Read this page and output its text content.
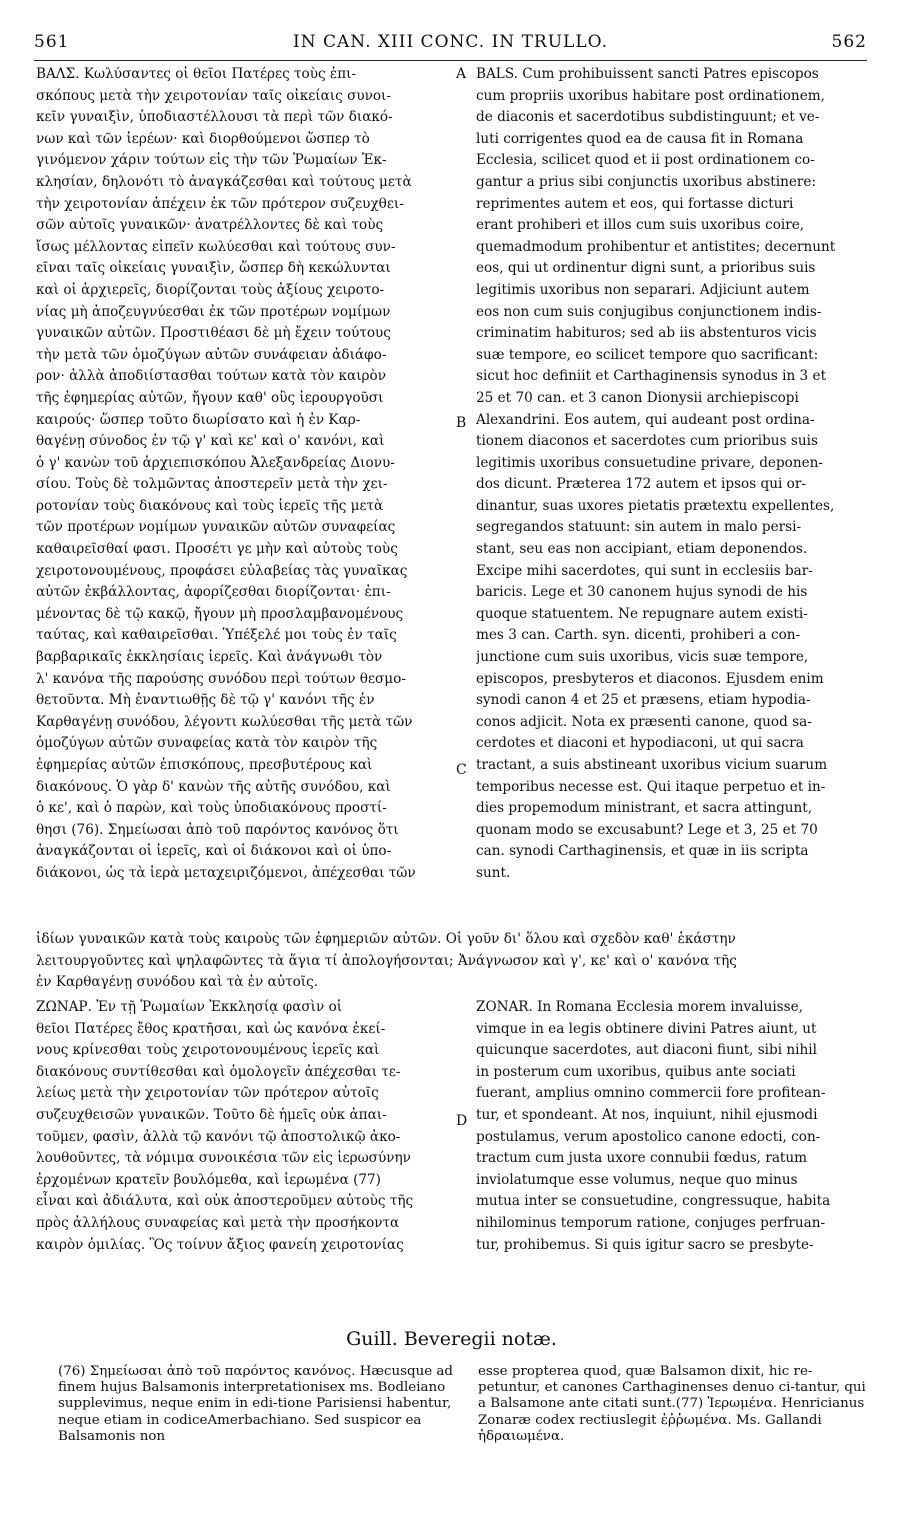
561	IN CAN. XIII CONC. IN TRULLO.	562
ΒΑΛΣ. Κωλύσαντες οἱ θεῖοι Πατέρες τοὺς ἐπι-
σκόπους μετὰ τὴν χειροτονίαν ταῖς οἰκείαις συνοι-
κεῖν γυναιξὶν, ὑποδιαστέλλουσι τὰ περὶ τῶν διακό-
νων καὶ τῶν ἱερέων· καὶ διορθούμενοι ὥσπερ τὸ
γινόμενον χάριν τούτων εἰς τὴν τῶν Ῥωμαίων Ἐκ-
κλησίαν, δηλονότι τὸ ἀναγκάζεσθαι καὶ τούτους μετὰ
τὴν χειροτονίαν ἀπέχειν ἐκ τῶν πρότερον συζευχθει-
σῶν αὐτοῖς γυναικῶν· ἀνατρέλλοντες δὲ καὶ τοὺς
ἴσως μέλλοντας εἰπεῖν κωλύεσθαι καὶ τούτους συν-
εῖναι ταῖς οἰκείαις γυναιξὶν, ὥσπερ δὴ κεκώλυνται
καὶ οἱ ἀρχιερεῖς, διορίζονται τοὺς ἀξίους χειροτο-
νίας μὴ ἀποζευγνύεσθαι ἐκ τῶν προτέρων νομίμων
γυναικῶν αὐτῶν. Προστιθέασι δὲ μὴ ἔχειν τούτους
τὴν μετὰ τῶν ὁμοζύγων αὐτῶν συνάφειαν ἀδιάφο-
ρον· ἀλλὰ ἀποδιίστασθαι τούτων κατὰ τὸν καιρὸν
τῆς ἐφημερίας αὐτῶν, ἤγουν καθ' οὓς ἱερουργοῦσι
καιρούς· ὥσπερ τοῦτο διωρίσατο καὶ ἡ ἐν Καρ-
θαγένῃ σύνοδος ἐν τῷ γ' καὶ κε' καὶ ο' κανόνι, καὶ
ὁ γ' κανὼν τοῦ ἀρχιεπισκόπου Ἀλεξανδρείας Διονυ-
σίου. Τοὺς δὲ τολμῶντας ἀποστερεῖν μετὰ τὴν χει-
ροτονίαν τοὺς διακόνους καὶ τοὺς ἱερεῖς τῆς μετὰ
τῶν προτέρων νομίμων γυναικῶν αὐτῶν συναφείας
καθαιρεῖσθαί φασι. Προσέτι γε μὴν καὶ αὐτοὺς τοὺς
χειροτονουμένους, προφάσει εὐλαβείας τὰς γυναῖκας
αὐτῶν ἐκβάλλοντας, ἀφορίζεσθαι διορίζονται· ἐπι-
μένοντας δὲ τῷ κακῷ, ἤγουν μὴ προσλαμβανομένους
ταύτας, καὶ καθαιρεῖσθαι. Ὑπέξελέ μοι τοὺς ἐν ταῖς
βαρβαρικαῖς ἐκκλησίαις ἱερεῖς. Καὶ ἀνάγνωθι τὸν
λ' κανόνα τῆς παρούσης συνόδου περὶ τούτων θεσμο-
θετοῦντα. Μὴ ἐναντιωθῇς δὲ τῷ γ' κανόνι τῆς ἐν
Καρθαγένῃ συνόδου, λέγοντι κωλύεσθαι τῆς μετὰ τῶν
ὁμοζύγων αὐτῶν συναφείας κατὰ τὸν καιρὸν τῆς
ἐφημερίας αὐτῶν ἐπισκόπους, πρεσβυτέρους καὶ
διακόνους. Ὁ γὰρ δ' κανὼν τῆς αὐτῆς συνόδου, καὶ
ὁ κε', καὶ ὁ παρὼν, καὶ τοὺς ὑποδιακόνους προστί-
θησι (76). Σημείωσαι ἀπὸ τοῦ παρόντος κανόνος ὅτι
ἀναγκάζονται οἱ ἱερεῖς, καὶ οἱ διάκονοι καὶ οἱ ὑπο-
διάκονοι, ὡς τὰ ἱερὰ μεταχειριζόμενοι, ἀπέχεσθαι τῶν
BALS. Cum prohibuissent sancti Patres episcopos
cum propriis uxoribus habitare post ordinationem,
de diaconis et sacerdotibus subdistinguunt; et ve-
luti corrigentes quod ea de causa fit in Romana
Ecclesia, scilicet quod et ii post ordinationem co-
gantur a prius sibi conjunctis uxoribus abstinere:
reprimentes autem et eos, qui fortasse dicturi
erant prohiberi et illos cum suis uxoribus coire,
quemadmodum prohibentur et antistites; decernunt
eos, qui ut ordinentur digni sunt, a prioribus suis
legitimis uxoribus non separari. Adjiciunt autem
eos non cum suis conjugibus conjunctionem indis-
criminatim habituros; sed ab iis abstenturos vicis
suæ tempore, eo scilicet tempore quo sacrificant:
sicut hoc definiit et Carthaginensis synodus in 3 et
25 et 70 can. et 3 canon Dionysii archiepiscopi
Alexandrini. Eos autem, qui audeant post ordina-
tionem diaconos et sacerdotes cum prioribus suis
legitimis uxoribus consuetudine privare, deponen-
dos dicunt. Præterea 172 autem et ipsos qui or-
dinantur, suas uxores pietatis prætextu expellentes,
segregandos statuunt: sin autem in malo persi-
stant, seu eas non accipiant, etiam deponendos.
Excipe mihi sacerdotes, qui sunt in ecclesiis bar-
baricis. Lege et 30 canonem hujus synodi de his
quoque statuentem. Ne repugnare autem existi-
mes 3 can. Carth. syn. dicenti, prohiberi a con-
junctione cum suis uxoribus, vicis suæ tempore,
episcopos, presbyteros et diaconos. Ejusdem enim
synodi canon 4 et 25 et præsens, etiam hypodia-
conos adjicit. Nota ex præsenti canone, quod sa-
cerdotes et diaconi et hypodiaconi, ut qui sacra
tractant, a suis abstineant uxoribus vicium suarum
temporibus necesse est. Qui itaque perpetuo et in-
dies propemodum ministrant, et sacra attingunt,
quonam modo se excusabunt? Lege et 3, 25 et 70
can. synodi Carthaginensis, et quæ in iis scripta
sunt.
A
B
C
D
ἰδίων γυναικῶν κατὰ τοὺς καιροὺς τῶν ἐφημεριῶν αὐτῶν. Οἱ γοῦν δι' ὅλου καὶ σχεδὸν καθ' ἑκάστην
λειτουργοῦντες καὶ ψηλαφῶντες τὰ ἅγια τί ἀπολογήσονται; Ἀνάγνωσον καὶ γ', κε' καὶ ο' κανόνα τῆς
ἐν Καρθαγένῃ συνόδου καὶ τὰ ἐν αὐτοῖς.
ΖΩΝΑΡ. Ἐν τῇ Ῥωμαίων Ἐκκλησίᾳ φασὶν οἱ
θεῖοι Πατέρες ἔθος κρατῆσαι, καὶ ὡς κανόνα ἐκεί-
νους κρίνεσθαι τοὺς χειροτονουμένους ἱερεῖς καὶ
διακόνους συντίθεσθαι καὶ ὁμολογεῖν ἀπέχεσθαι τε-
λείως μετὰ τὴν χειροτονίαν τῶν πρότερον αὐτοῖς
συζευχθεισῶν γυναικῶν. Τοῦτο δὲ ἡμεῖς οὐκ ἀπαι-
τοῦμεν, φασὶν, ἀλλὰ τῷ κανόνι τῷ ἀποστολικῷ ἀκο-
λουθοῦντες, τὰ νόμιμα συνοικέσια τῶν εἰς ἱερωσύνην
ἐρχομένων κρατεῖν βουλόμεθα, καὶ ἱερωμένα (77)
εἶναι καὶ ἀδιάλυτα, καὶ οὐκ ἀποστεροῦμεν αὐτοὺς τῆς
πρὸς ἀλλήλους συναφείας καὶ μετὰ τὴν προσήκοντα
καιρὸν ὁμιλίας. Ὃς τοίνυν ἄξιος φανείη χειροτονίας
ZONAR. In Romana Ecclesia morem invaluisse,
vimque in ea legis obtinere divini Patres aiunt, ut
quicunque sacerdotes, aut diaconi fiunt, sibi nihil
in posterum cum uxoribus, quibus ante sociati
fuerant, amplius omnino commercii fore profitean-
tur, et spondeant. At nos, inquiunt, nihil ejusmodi
postulamus, verum apostolico canone edocti, con-
tractum cum justa uxore connubii fœdus, ratum
inviolatumque esse volumus, neque quo minus
mutua inter se consuetudine, congressuque, habita
nihilominus temporum ratione, conjuges perfruan-
tur, prohibemus. Si quis igitur sacro se presbyte-
Guill. Beveregii notæ.
(76) Σημείωσαι ἀπὸ τοῦ παρόντος κανόνος. Hæcusque ad finem hujus Balsamonis interpretationisex ms. Bodleiano supplevimus, neque enim in edi-tione Parisiensi habentur, neque etiam in codiceAmerbachiano. Sed suspicor ea Balsamonis non
esse propterea quod, quæ Balsamon dixit, hic re-petuntur, et canones Carthaginenses denuo ci-tantur, qui a Balsamone ante citati sunt.(77) Ἱερωμένα. Henricianus Zonaræ codex rectiuslegit ἐῤῥωμένα. Ms. Gallandi ἡδραιωμένα.
